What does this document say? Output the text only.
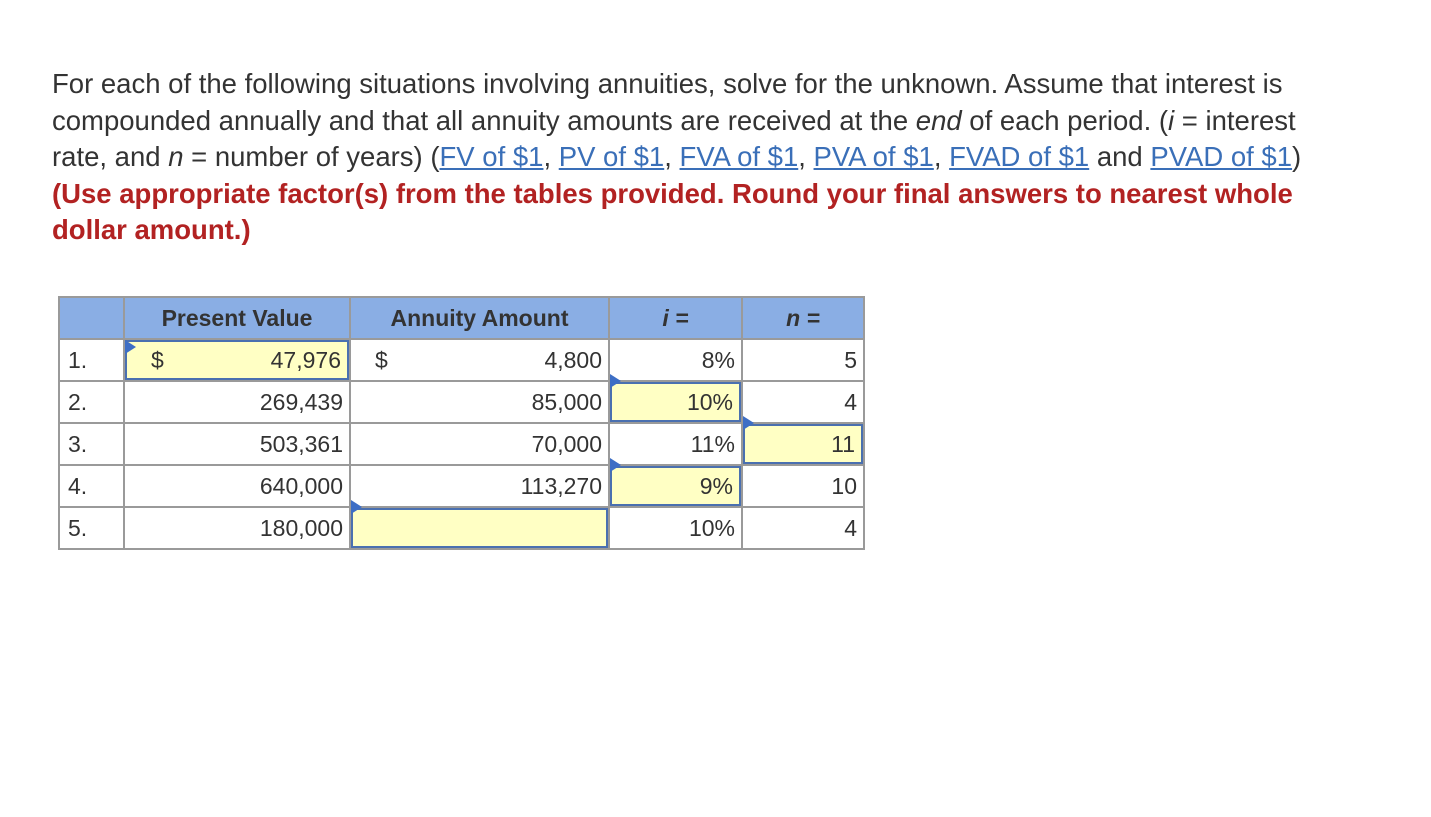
For each of the following situations involving annuities, solve for the unknown. Assume that interest is compounded annually and that all annuity amounts are received at the end of each period. (i = interest rate, and n = number of years) (FV of $1, PV of $1, FVA of $1, PVA of $1, FVAD of $1 and PVAD of $1) (Use appropriate factor(s) from the tables provided. Round your final answers to nearest whole dollar amount.)
	Present Value	Annuity Amount	i =	n =
1.	$ 47,976	$ 4,800	8%	5

2.	269,439	85,000	10%	4

3.	503,361	70,000	11%	11

4.	640,000	113,270	9%	10

5.	180,000		10%	4
